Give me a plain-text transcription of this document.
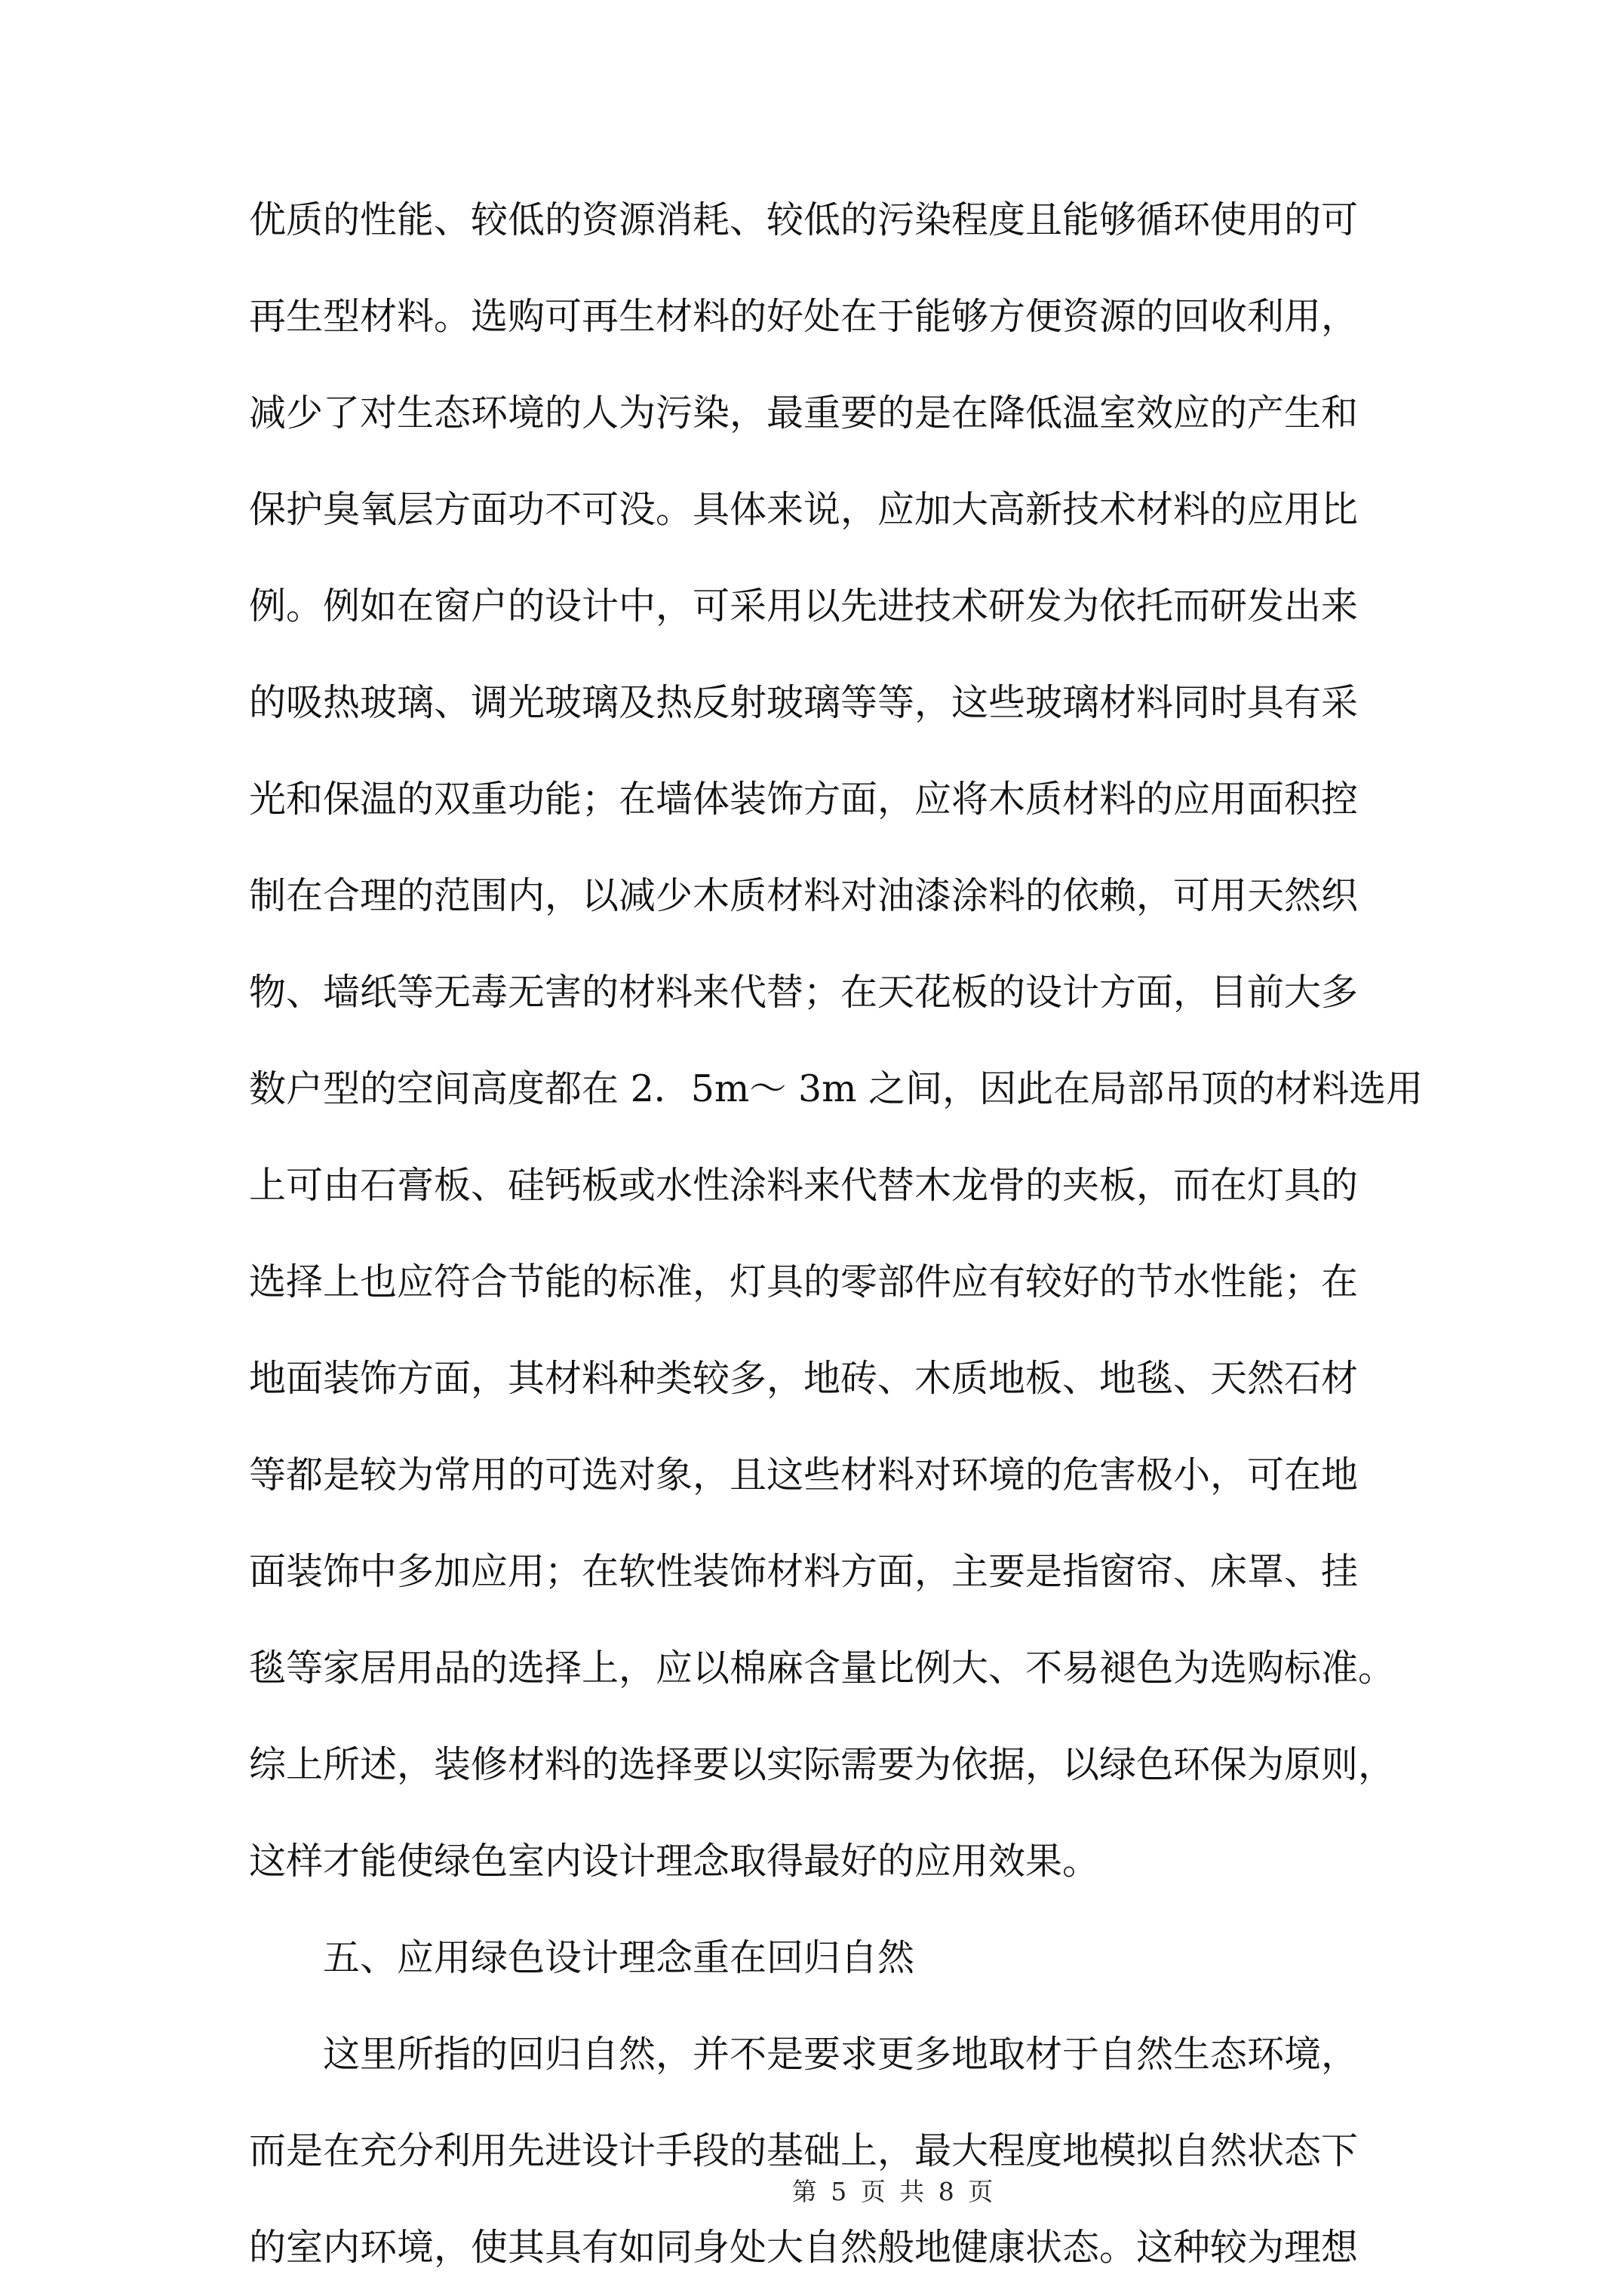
优质的性能、较低的资源消耗、较低的污染程度且能够循环使用的可
再生型材料。选购可再生材料的好处在于能够方便资源的回收利用，
减少了对生态环境的人为污染，最重要的是在降低温室效应的产生和
保护臭氧层方面功不可没。具体来说，应加大高新技术材料的应用比
例。例如在窗户的设计中，可采用以先进技术研发为依托而研发出来
的吸热玻璃、调光玻璃及热反射玻璃等等，这些玻璃材料同时具有采
光和保温的双重功能；在墙体装饰方面，应将木质材料的应用面积控
制在合理的范围内，以减少木质材料对油漆涂料的依赖，可用天然织
物、墙纸等无毒无害的材料来代替；在天花板的设计方面，目前大多
数户型的空间高度都在 2．5m～ 3m 之间，因此在局部吊顶的材料选用
上可由石膏板、硅钙板或水性涂料来代替木龙骨的夹板，而在灯具的
选择上也应符合节能的标准，灯具的零部件应有较好的节水性能；在
地面装饰方面，其材料种类较多，地砖、木质地板、地毯、天然石材
等都是较为常用的可选对象，且这些材料对环境的危害极小，可在地
面装饰中多加应用；在软性装饰材料方面，主要是指窗帘、床罩、挂
毯等家居用品的选择上，应以棉麻含量比例大、不易褪色为选购标准。
综上所述，装修材料的选择要以实际需要为依据，以绿色环保为原则，
这样才能使绿色室内设计理念取得最好的应用效果。
五、应用绿色设计理念重在回归自然
这里所指的回归自然，并不是要求更多地取材于自然生态环境，
而是在充分利用先进设计手段的基础上，最大程度地模拟自然状态下
的室内环境，使其具有如同身处大自然般地健康状态。这种较为理想
第 5 页 共 8 页
